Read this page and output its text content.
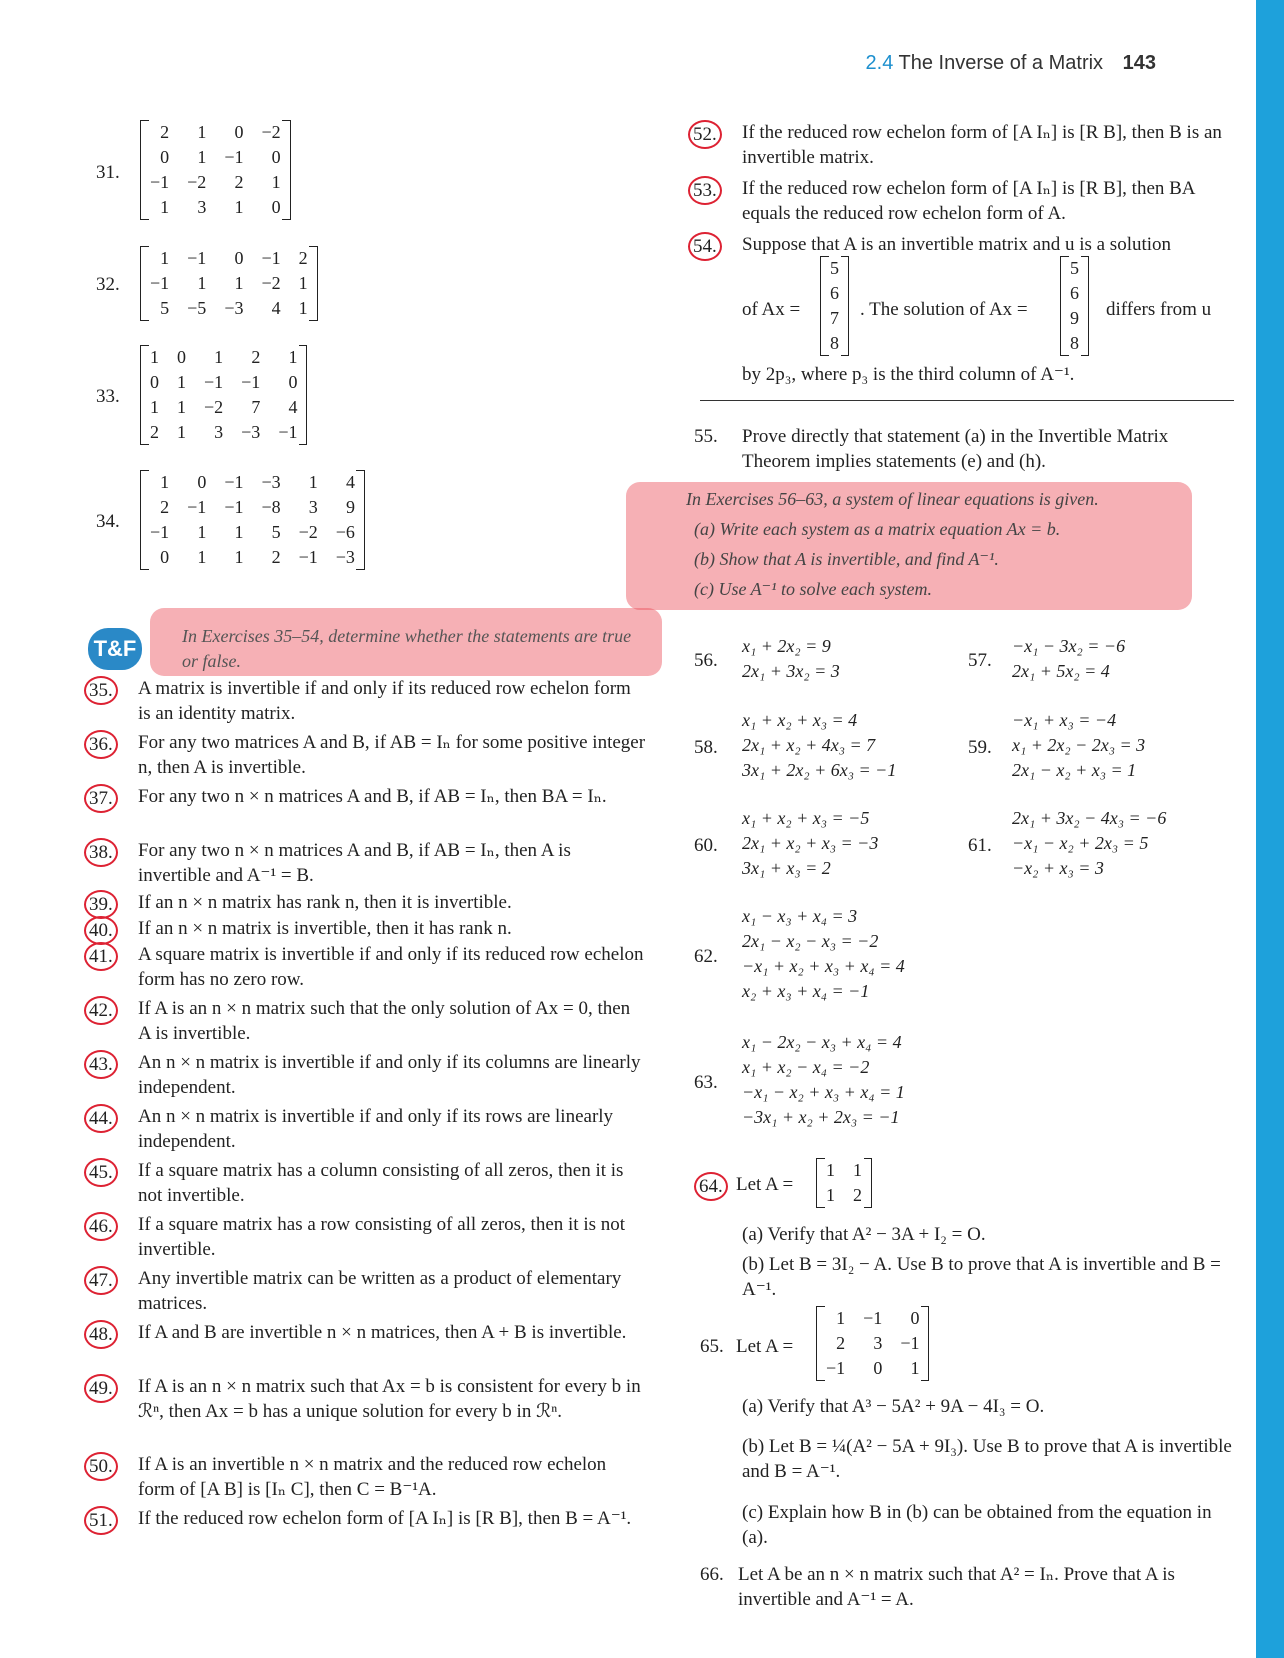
2.4 The Inverse of a Matrix 143
31.
2	1	0	−2
0	1	−1	0
−1	−2	2	1
1	3	1	0

32.
1	−1	0	−1	2
−1	1	1	−2	1
5	−5	−3	4	1

33.
1	0	1	2	1
0	1	−1	−1	0
1	1	−2	7	4
2	1	3	−3	−1

34.
1	0	−1	−3	1	4
2	−1	−1	−8	3	9
−1	1	1	5	−2	−6
0	1	1	2	−1	−3

T&F	In Exercises 35–54, determine whether the statements are true or false.
35. A matrix is invertible if and only if its reduced row echelon form is an identity matrix.
36. For any two matrices A and B, if AB = Iₙ for some positive integer n, then A is invertible.
37. For any two n × n matrices A and B, if AB = Iₙ, then BA = Iₙ.
38. For any two n × n matrices A and B, if AB = Iₙ, then A is invertible and A⁻¹ = B.
39. If an n × n matrix has rank n, then it is invertible.
40. If an n × n matrix is invertible, then it has rank n.
41. A square matrix is invertible if and only if its reduced row echelon form has no zero row.
42. If A is an n × n matrix such that the only solution of Ax = 0, then A is invertible.
43. An n × n matrix is invertible if and only if its columns are linearly independent.
44. An n × n matrix is invertible if and only if its rows are linearly independent.
45. If a square matrix has a column consisting of all zeros, then it is not invertible.
46. If a square matrix has a row consisting of all zeros, then it is not invertible.
47. Any invertible matrix can be written as a product of elementary matrices.
48. If A and B are invertible n × n matrices, then A + B is invertible.
49. If A is an n × n matrix such that Ax = b is consistent for every b in ℛⁿ, then Ax = b has a unique solution for every b in ℛⁿ.
50. If A is an invertible n × n matrix and the reduced row echelon form of [A B] is [Iₙ C], then C = B⁻¹A.
51. If the reduced row echelon form of [A Iₙ] is [R B], then B = A⁻¹.
52. If the reduced row echelon form of [A Iₙ] is [R B], then B is an invertible matrix.
53. If the reduced row echelon form of [A Iₙ] is [R B], then BA equals the reduced row echelon form of A.
54. Suppose that A is an invertible matrix and u is a solution
of Ax =
5
6
7
8

. The solution of Ax =
5
6
9
8

differs from u
by 2p₃, where p₃ is the third column of A⁻¹.
55. Prove directly that statement (a) in the Invertible Matrix Theorem implies statements (e) and (h).
In Exercises 56–63, a system of linear equations is given.
(a) Write each system as a matrix equation Ax = b.
(b) Show that A is invertible, and find A⁻¹.
(c) Use A⁻¹ to solve each system.
56.
x₁ + 2x₂ = 9
2x₁ + 3x₂ = 3	57.
−x₁ − 3x₂ = −6
2x₁ + 5x₂ = 4
58.
x₁ + x₂ + x₃ = 4
2x₁ + x₂ + 4x₃ = 7
3x₁ + 2x₂ + 6x₃ = −1
59.
−x₁ + x₃ = −4
x₁ + 2x₂ − 2x₃ = 3
2x₁ − x₂ + x₃ = 1
60.
x₁ + x₂ + x₃ = −5
2x₁ + x₂ + x₃ = −3
3x₁ + x₃ = 2
61.
2x₁ + 3x₂ − 4x₃ = −6
−x₁ − x₂ + 2x₃ = 5
−x₂ + x₃ = 3
62.
x₁ − x₃ + x₄ = 3
2x₁ − x₂ − x₃ = −2
−x₁ + x₂ + x₃ + x₄ = 4
x₂ + x₃ + x₄ = −1
63.
x₁ − 2x₂ − x₃ + x₄ = 4
x₁ + x₂ − x₄ = −2
−x₁ − x₂ + x₃ + x₄ = 1
−3x₁ + x₂ + 2x₃ = −1
64. Let A =
1	1
1	2

(a) Verify that A² − 3A + I₂ = O.
(b) Let B = 3I₂ − A. Use B to prove that A is invertible and B = A⁻¹.
65. Let A =
1	−1	0
2	3	−1
−1	0	1

(a) Verify that A³ − 5A² + 9A − 4I₃ = O.
(b) Let B = ¼(A² − 5A + 9I₃). Use B to prove that A is invertible and B = A⁻¹.
(c) Explain how B in (b) can be obtained from the equation in (a).
66. Let A be an n × n matrix such that A² = Iₙ. Prove that A is invertible and A⁻¹ = A.
